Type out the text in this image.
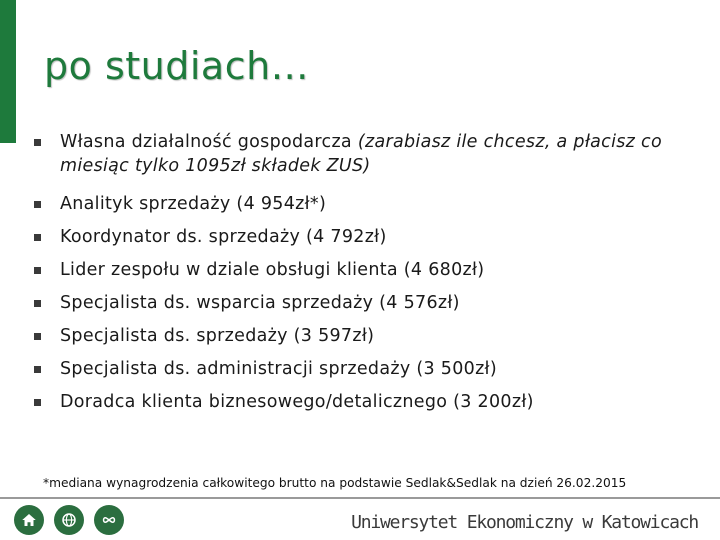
po studiach…
Własna działalność gospodarcza (zarabiasz ile chcesz, a płacisz co miesiąc tylko 1095zł składek ZUS)
Analityk sprzedaży (4 954zł*)
Koordynator ds. sprzedaży (4 792zł)
Lider zespołu w dziale obsługi klienta (4 680zł)
Specjalista ds. wsparcia sprzedaży (4 576zł)
Specjalista ds. sprzedaży (3 597zł)
Specjalista ds. administracji sprzedaży (3 500zł)
Doradca klienta biznesowego/detalicznego (3 200zł)
*mediana wynagrodzenia całkowitego brutto na podstawie Sedlak&Sedlak na dzień 26.02.2015
Uniwersytet Ekonomiczny w Katowicach
